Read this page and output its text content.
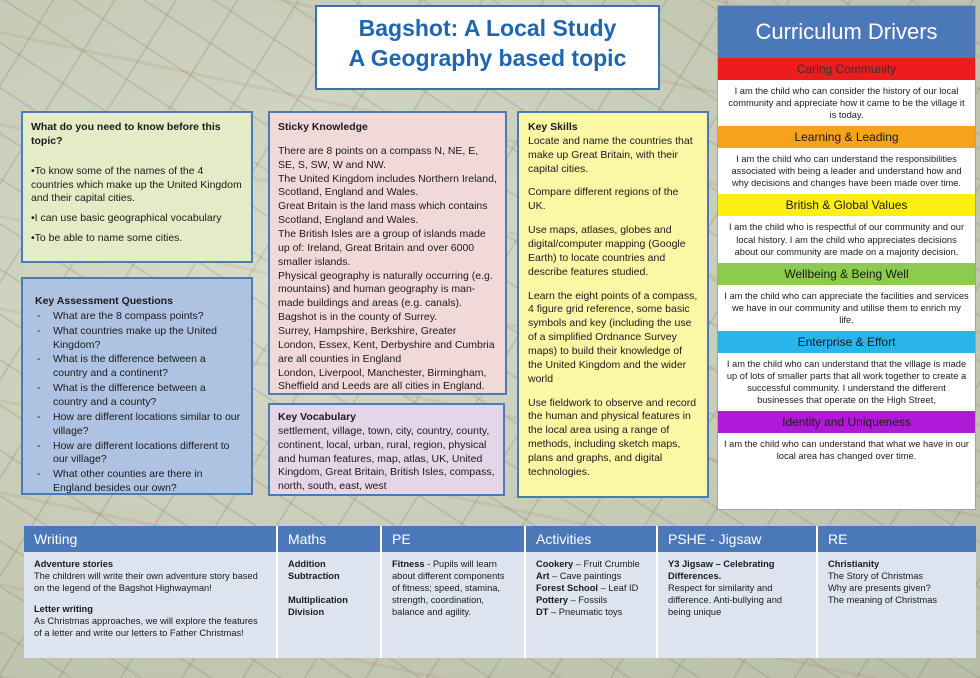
Bagshot: A Local Study
A Geography based topic

What do you need to know before this topic?

•To know some of the names of the 4 countries which make up the United Kingdom and their capital cities.

•I can use basic geographical vocabulary

•To be able to name some cities.

Key Assessment Questions

- What are the 8 compass points?
- What countries make up the United Kingdom?
- What is the difference between a country and a continent?
- What is the difference between a country and a county?
- How are different locations similar to our village?
- How are different locations different to our village?
- What other counties are there in England besides our own?

Sticky Knowledge

There are 8 points on a compass N, NE, E, SE, S, SW, W and NW.

The United Kingdom includes Northern Ireland, Scotland, England and Wales.

Great Britain is the land mass which contains Scotland, England and Wales.

The British Isles are a group of islands made up of: Ireland, Great Britain and over 6000 smaller islands.

Physical geography is naturally occurring (e.g. mountains) and human geography is man-made buildings and areas (e.g. canals).

Bagshot is in the county of Surrey.

Surrey, Hampshire, Berkshire, Greater London, Essex, Kent, Derbyshire and Cumbria are all counties in England

London, Liverpool, Manchester, Birmingham, Sheffield and Leeds are all cities in England.

Key Vocabulary

settlement, village, town, city, country, county, continent, local, urban, rural, region, physical and human features, map, atlas, UK, United Kingdom, Great Britain, British Isles, compass, north, south, east, west

Key Skills

Locate and name the countries that make up Great Britain, with their capital cities.

Compare different regions of the UK.

Use maps, atlases, globes and digital/computer mapping (Google Earth) to locate countries and describe features studied.

Learn the eight points of a compass, 4 figure grid reference, some basic symbols and key (including the use of a simplified Ordnance Survey maps) to build their knowledge of the United Kingdom and the wider world

Use fieldwork to observe and record the human and physical features in the local area using a range of methods, including sketch maps, plans and graphs, and digital technologies.

Curriculum Drivers
Caring Community
I am the child who can consider the history of our local community and appreciate how it came to be the village it is today.
Learning & Leading
I am the child who can understand the responsibilities associated with being a leader and understand how and why decisions and changes have been made over time.
British & Global Values
I am the child who is respectful of our community and our local history. I am the child who appreciates decisions about our community are made on a majority decision.
Wellbeing & Being Well
I am the child who can appreciate the facilities and services we have in our community and utilise them to enrich my life.
Enterprise & Effort
I am the child who can understand that the village is made up of lots of smaller parts that all work together to create a successful community. I understand the different businesses that operate on the High Street,
Identity and Uniqueness
I am the child who can understand that what we have in our local area has changed over time.
Writing
Adventure stories
The children will write their own adventure story based on the legend of the Bagshot Highwayman!
Letter writing
As Christmas approaches, we will explore the features of a letter and write our letters to Father Christmas!
Maths
Addition
Subtraction
Multiplication
Division
PE
Fitness - Pupils will learn about different components of fitness; speed, stamina, strength, coordination, balance and agility.
Activities
Cookery – Fruit Crumble
Art – Cave paintings
Forest School – Leaf ID
Pottery – Fossils
DT – Pneumatic toys
PSHE - Jigsaw
Y3 Jigsaw – Celebrating Differences.
Respect for similarity and difference. Anti-bullying and being unique
RE
Christianity
The Story of Christmas
Why are presents given?
The meaning of Christmas
